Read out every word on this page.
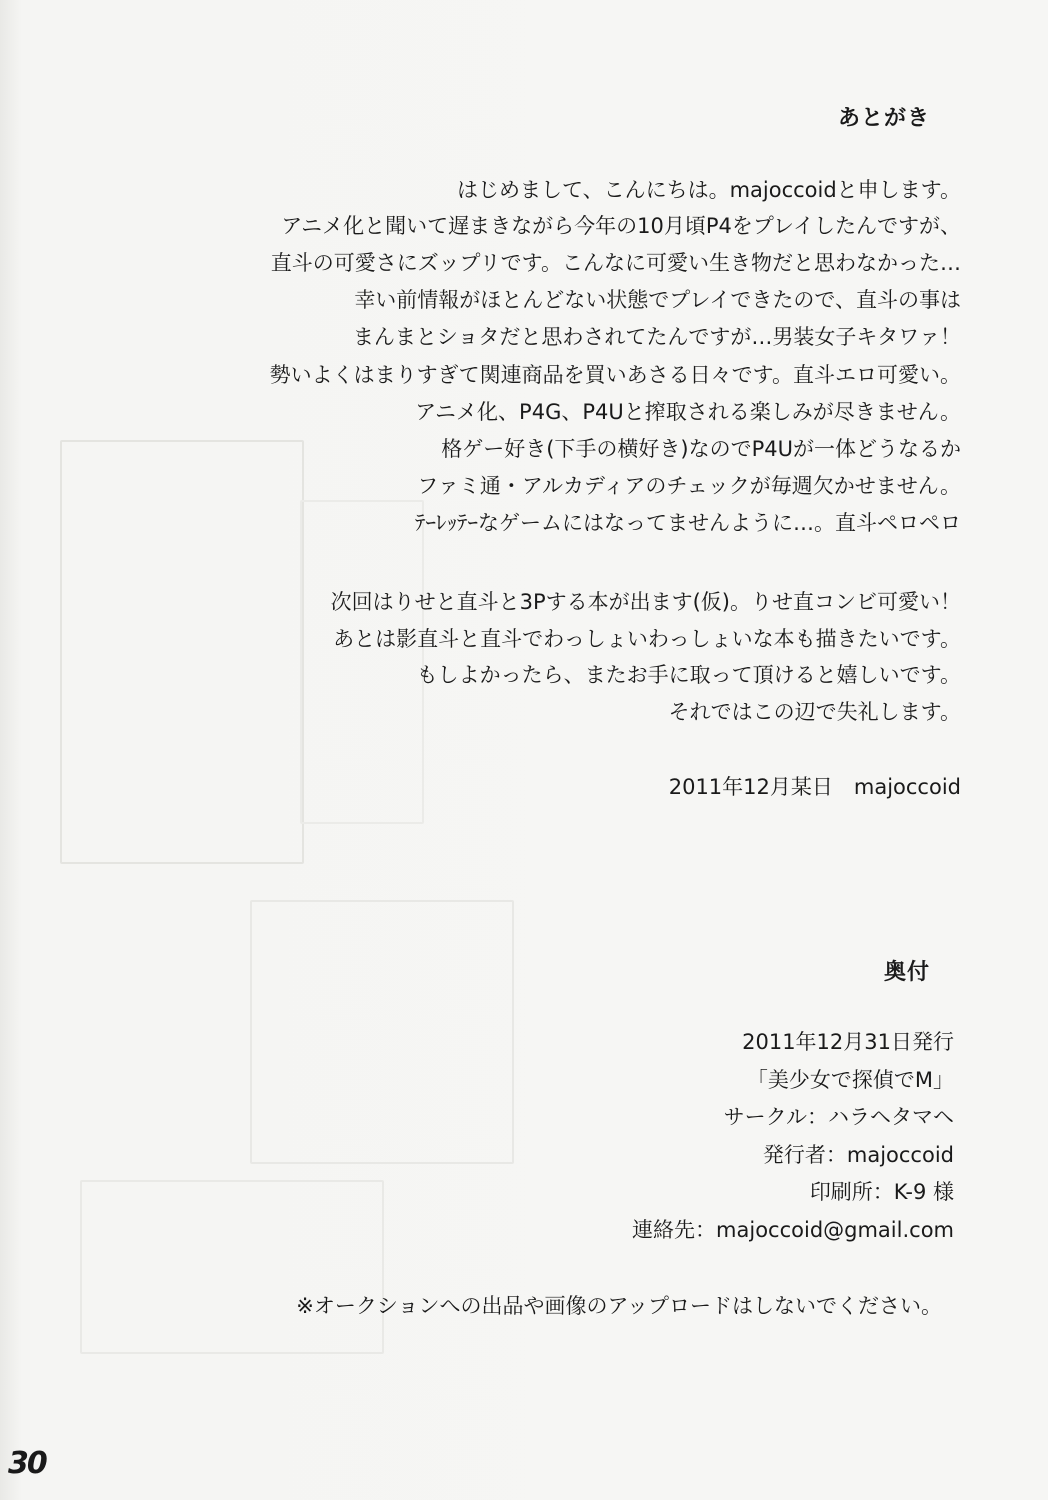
あとがき
はじめまして、こんにちは。majoccoidと申します。
アニメ化と聞いて遅まきながら今年の10月頃P4をプレイしたんですが、
直斗の可愛さにズップリです。こんなに可愛い生き物だと思わなかった…
幸い前情報がほとんどない状態でプレイできたので、直斗の事は
まんまとショタだと思わされてたんですが…男装女子キタワァ！
勢いよくはまりすぎて関連商品を買いあさる日々です。直斗エロ可愛い。
アニメ化、P4G、P4Uと搾取される楽しみが尽きません。
格ゲー好き(下手の横好き)なのでP4Uが一体どうなるか
ファミ通・アルカディアのチェックが毎週欠かせません。
ﾃｰﾚｯﾃｰなゲームにはなってませんように…。直斗ペロペロ
次回はりせと直斗と3Pする本が出ます(仮)。りせ直コンビ可愛い！
あとは影直斗と直斗でわっしょいわっしょいな本も描きたいです。
もしよかったら、またお手に取って頂けると嬉しいです。
それではこの辺で失礼します。
2011年12月某日　majoccoid
奥付
2011年12月31日発行
「美少女で探偵でM」
サークル：ハラヘタマヘ
発行者：majoccoid
印刷所：K-9 様
連絡先：majoccoid@gmail.com
※オークションへの出品や画像のアップロードはしないでください。
30
